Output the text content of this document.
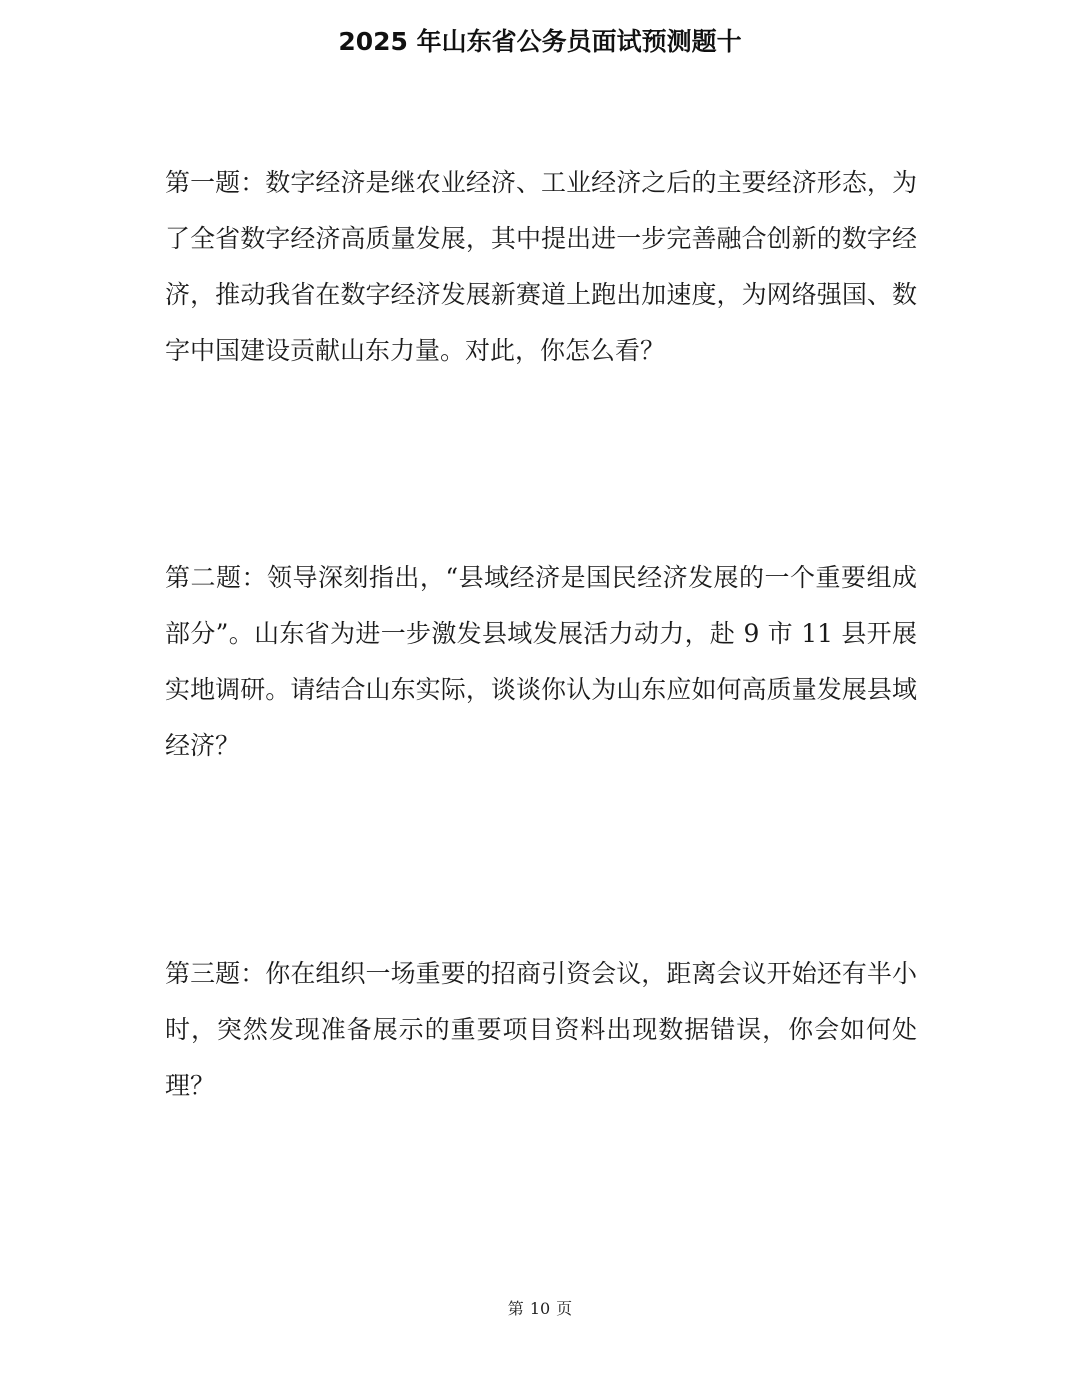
2025 年山东省公务员面试预测题十

第一题：数字经济是继农业经济、工业经济之后的主要经济形态，为了全省数字经济高质量发展，其中提出进一步完善融合创新的数字经济，推动我省在数字经济发展新赛道上跑出加速度，为网络强国、数字中国建设贡献山东力量。对此，你怎么看？

第二题：领导深刻指出，“县域经济是国民经济发展的一个重要组成部分”。山东省为进一步激发县域发展活力动力，赴 9 市 11 县开展实地调研。请结合山东实际，谈谈你认为山东应如何高质量发展县域经济？

第三题：你在组织一场重要的招商引资会议，距离会议开始还有半小时，突然发现准备展示的重要项目资料出现数据错误，你会如何处理？

第 10 页
